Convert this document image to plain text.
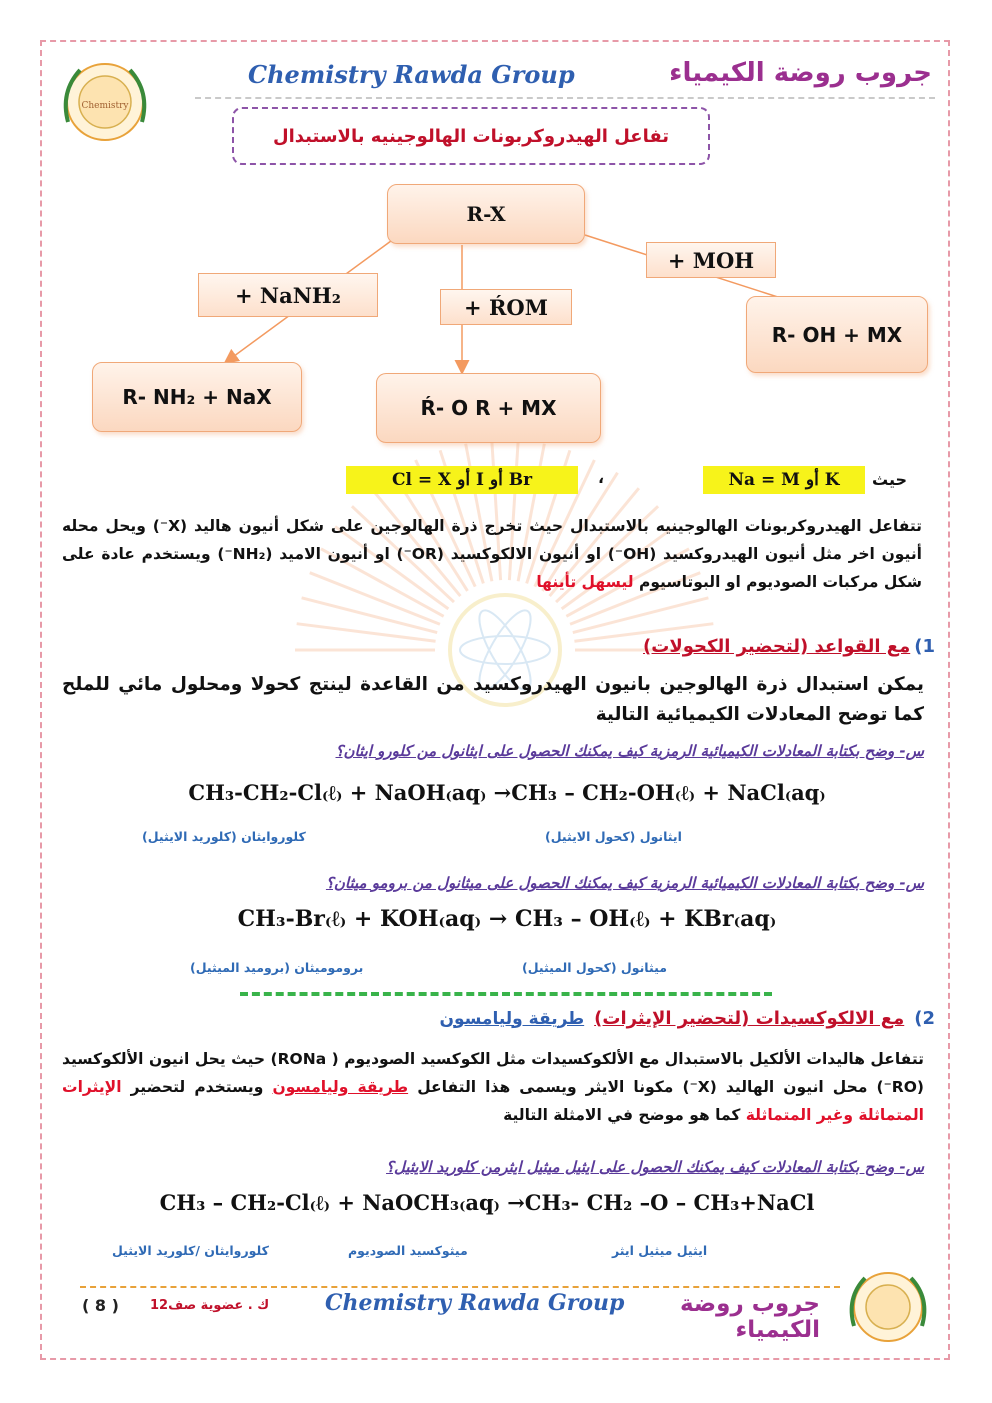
Chemistry
Chemistry Rawda Group	جروب روضة الكيمياء
تفاعل الهيدروكربونات الهالوجينيه بالاستبدال
R-X
+ NaNH₂	+ ŔOM
+ MOH
R- NH₂ + NaX	Ŕ- O R + MX
R- OH + MX
حيث
K أو Na = M
،
Br أو I أو Cl = X
تتفاعل الهيدروكربونات الهالوجينيه بالاستبدال حيث تخرج ذرة الهالوجين على شكل أنيون هاليد (X⁻) ويحل محله أنيون اخر مثل أنيون الهيدروكسيد (OH⁻) او أنيون الالكوكسيد (OR⁻) او أنيون الاميد (NH₂⁻) ويستخدم عادة على شكل مركبات الصوديوم او البوتاسيوم ليسهل تأينها
1)
مع القواعد (لتحضير الكحولات)
يمكن استبدال ذرة الهالوجين بانيون الهيدروكسيد من القاعدة لينتج كحولا ومحلول مائي للملح كما توضح المعادلات الكيميائية التالية
س- وضح بكتابة المعادلات الكيميائية الرمزية كيف يمكنك الحصول على ايثانول من كلورو ايثان؟
CH₃-CH₂-Cl₍ℓ₎ + NaOH₍aq₎ →CH₃ – CH₂-OH₍ℓ₎ + NaCl₍aq₎
ايثانول (كحول الايثيل)
كلوروايثان (كلوريد الايثيل)
س- وضح بكتابة المعادلات الكيميائية الرمزية كيف يمكنك الحصول على ميثانول من برومو ميثان؟
CH₃-Br₍ℓ₎ + KOH₍aq₎ → CH₃ – OH₍ℓ₎ + KBr₍aq₎
ميثانول (كحول الميثيل)
بروموميثان (بروميد الميثيل)
2)
مع الالكوكسيدات (لتحضير الإيثرات)
طريقة وليامسون
تتفاعل هاليدات الألكيل بالاستبدال مع الألكوكسيدات مثل الكوكسيد الصوديوم ( RONa) حيث يحل انيون الألكوكسيد (RO⁻) محل انيون الهاليد (X⁻) مكونا الايثر ويسمى هذا التفاعل طريقة وليامسون ويستخدم لتحضير الإيثرات المتماثلة وغير المتماثلة كما هو موضح في الامثلة التالية
س- وضح بكتابة المعادلات كيف يمكنك الحصول على ايثيل ميثيل ايثرمن كلوريد الايثيل؟
CH₃ – CH₂-Cl₍ℓ₎ + NaOCH₃₍aq₎ →CH₃- CH₂ –O – CH₃+NaCl
ايثيل ميثيل ايثر
ميثوكسيد الصوديوم
كلوروايثان /كلوريد الايثيل
( 8 ) ك . عضوية صف12	Chemistry Rawda Group	جروب روضة الكيمياء
